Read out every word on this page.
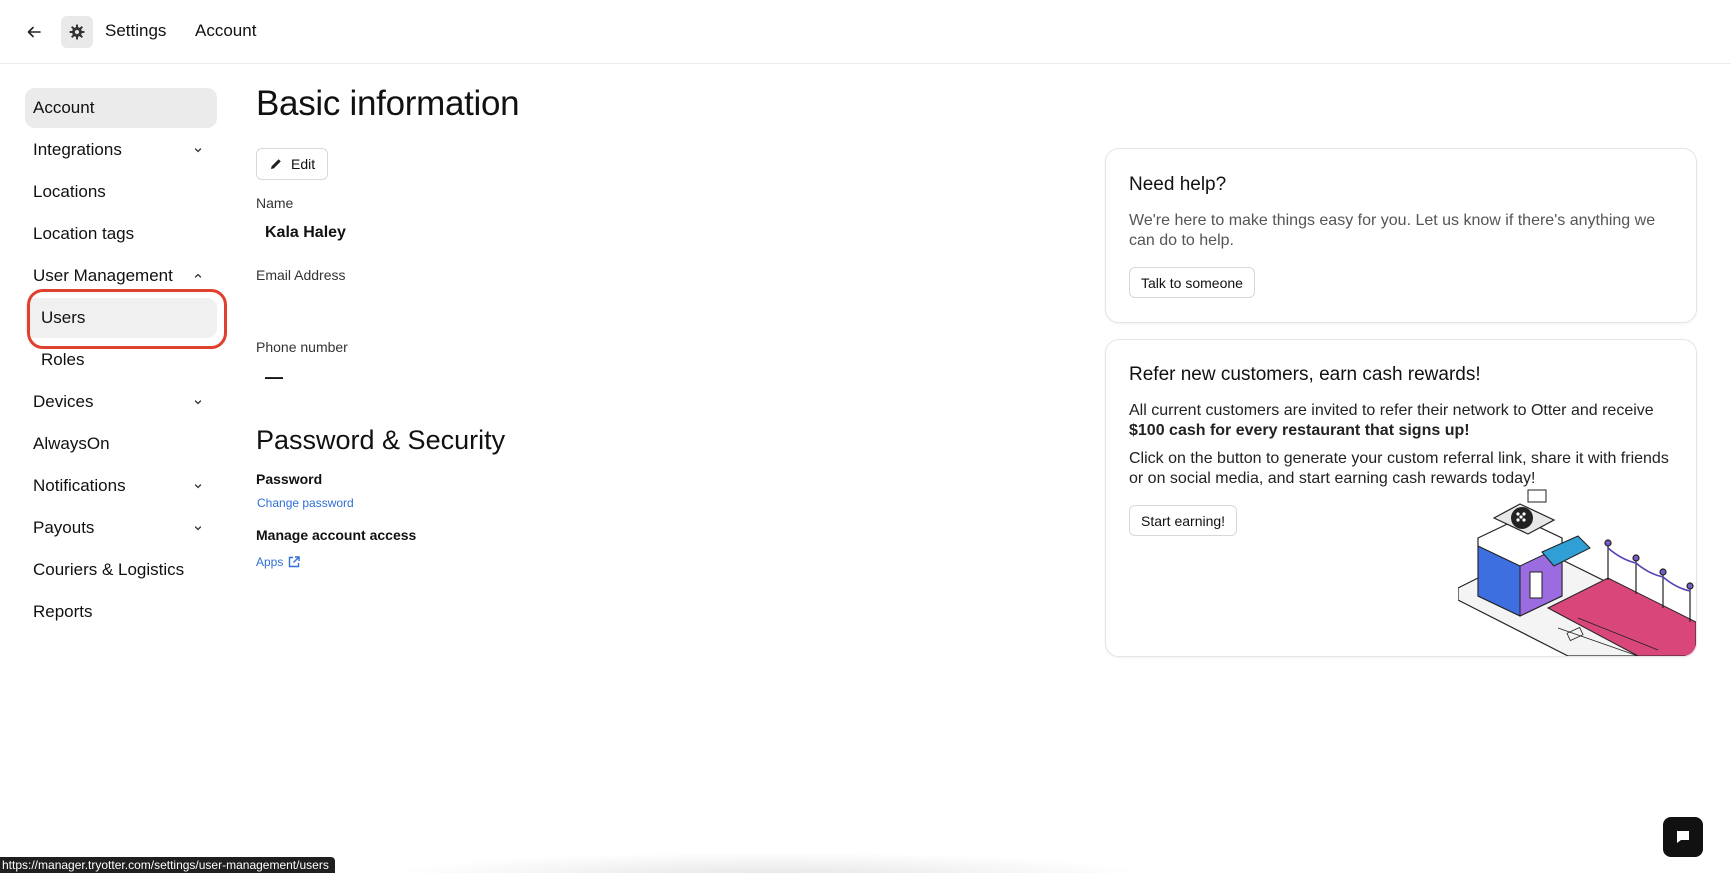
Settings Account
Account
Integrations
Locations
Location tags
User Management
Users
Roles
Devices
AlwaysOn
Notifications
Payouts
Couriers & Logistics
Reports
Basic information
Edit
Name
Kala Haley
Email Address
Phone number
—
Password & Security
Password
Change password
Manage account access
Apps
Need help?

We're here to make things easy for you. Let us know if there's anything we can do to help.

Talk to someone
Refer new customers, earn cash rewards!

All current customers are invited to refer their network to Otter and receive $100 cash for every restaurant that signs up!

Click on the button to generate your custom referral link, share it with friends or on social media, and start earning cash rewards today!

Start earning!
https://manager.tryotter.com/settings/user-management/users
